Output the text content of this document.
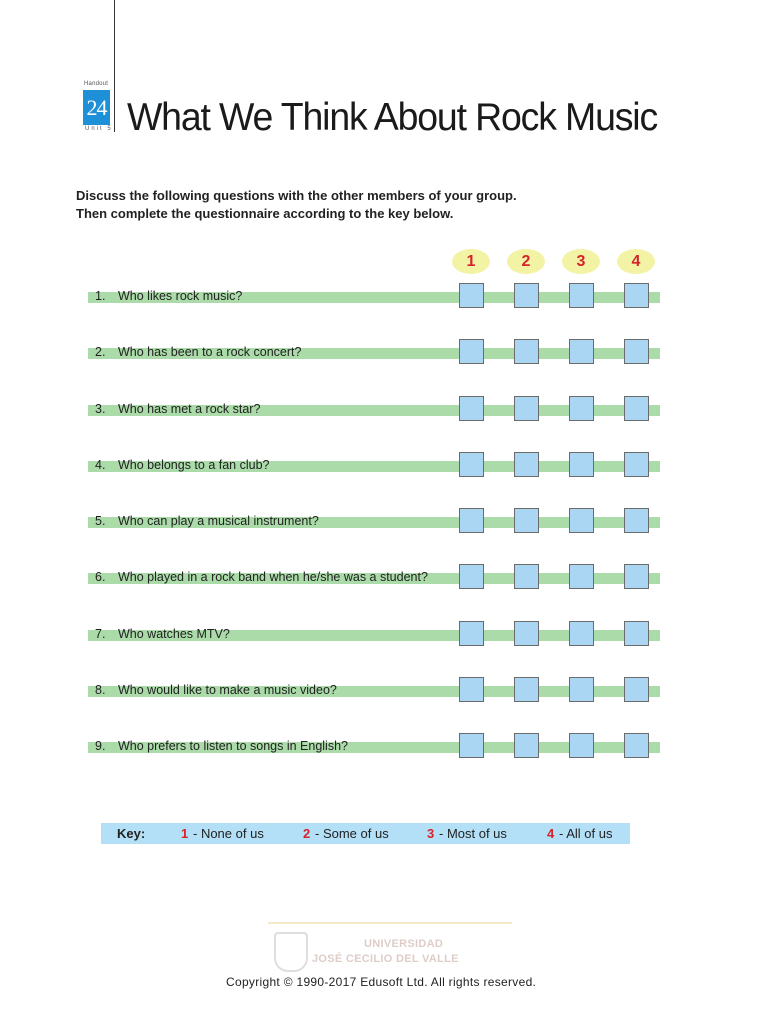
Handout
24
Unit 5 What We Think About Rock Music
Discuss the following questions with the other members of your group.
Then complete the questionnaire according to the key below.
1	2	3	4
1. Who likes rock music?
2. Who has been to a rock concert?
3. Who has met a rock star?
4. Who belongs to a fan club?
5. Who can play a musical instrument?
6. Who played in a rock band when he/she was a student?
7. Who watches MTV?
8. Who would like to make a music video?
9. Who prefers to listen to songs in English?
Key:	1 - None of us	2 - Some of us	3 - Most of us	4 - All of us
UNIVERSIDAD
JOSÉ CECILIO DEL VALLE
Copyright © 1990-2017 Edusoft Ltd. All rights reserved.
